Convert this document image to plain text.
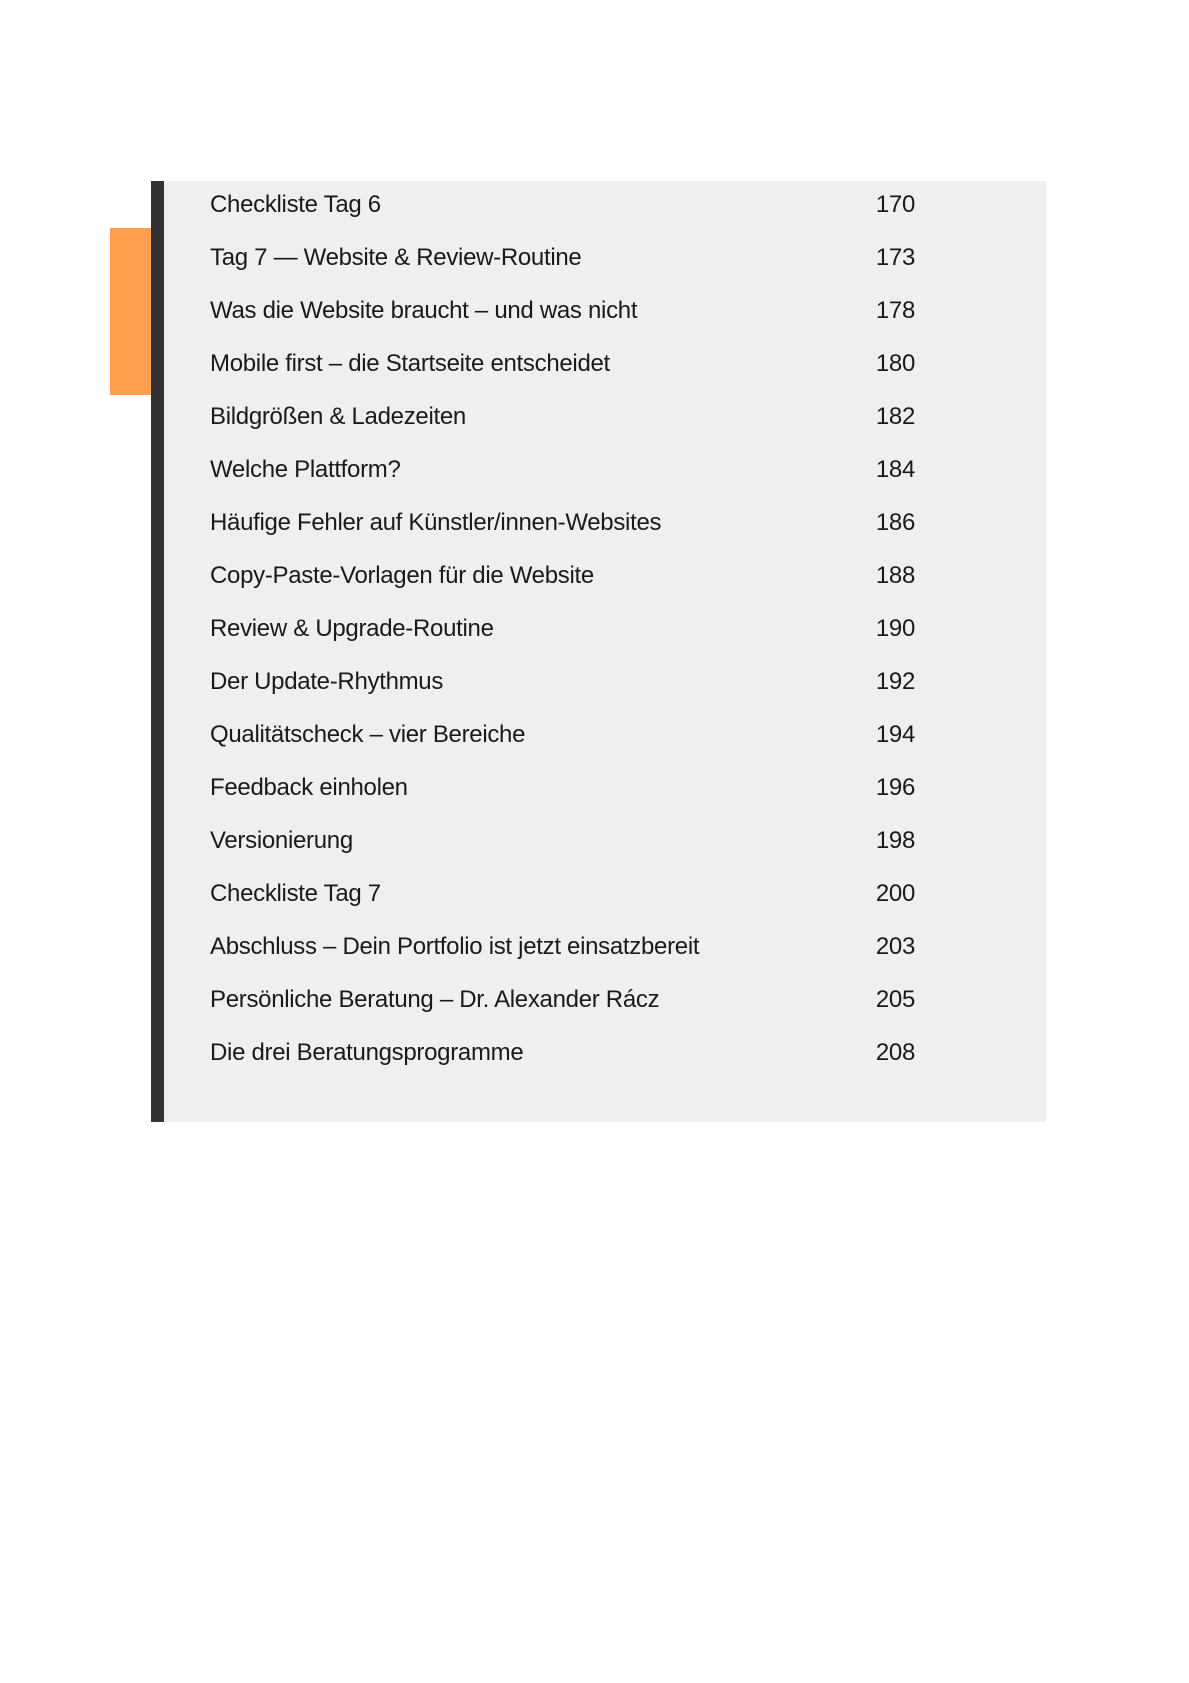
Checkliste Tag 6	170
Tag 7 — Website & Review-Routine	173
Was die Website braucht – und was nicht	178
Mobile first – die Startseite entscheidet	180
Bildgrößen & Ladezeiten	182
Welche Plattform?	184
Häufige Fehler auf Künstler/innen-Websites	186
Copy-Paste-Vorlagen für die Website	188
Review & Upgrade-Routine	190
Der Update-Rhythmus	192
Qualitätscheck – vier Bereiche	194
Feedback einholen	196
Versionierung	198
Checkliste Tag 7	200
Abschluss – Dein Portfolio ist jetzt einsatzbereit	203
Persönliche Beratung – Dr. Alexander Rácz	205
Die drei Beratungsprogramme	208
